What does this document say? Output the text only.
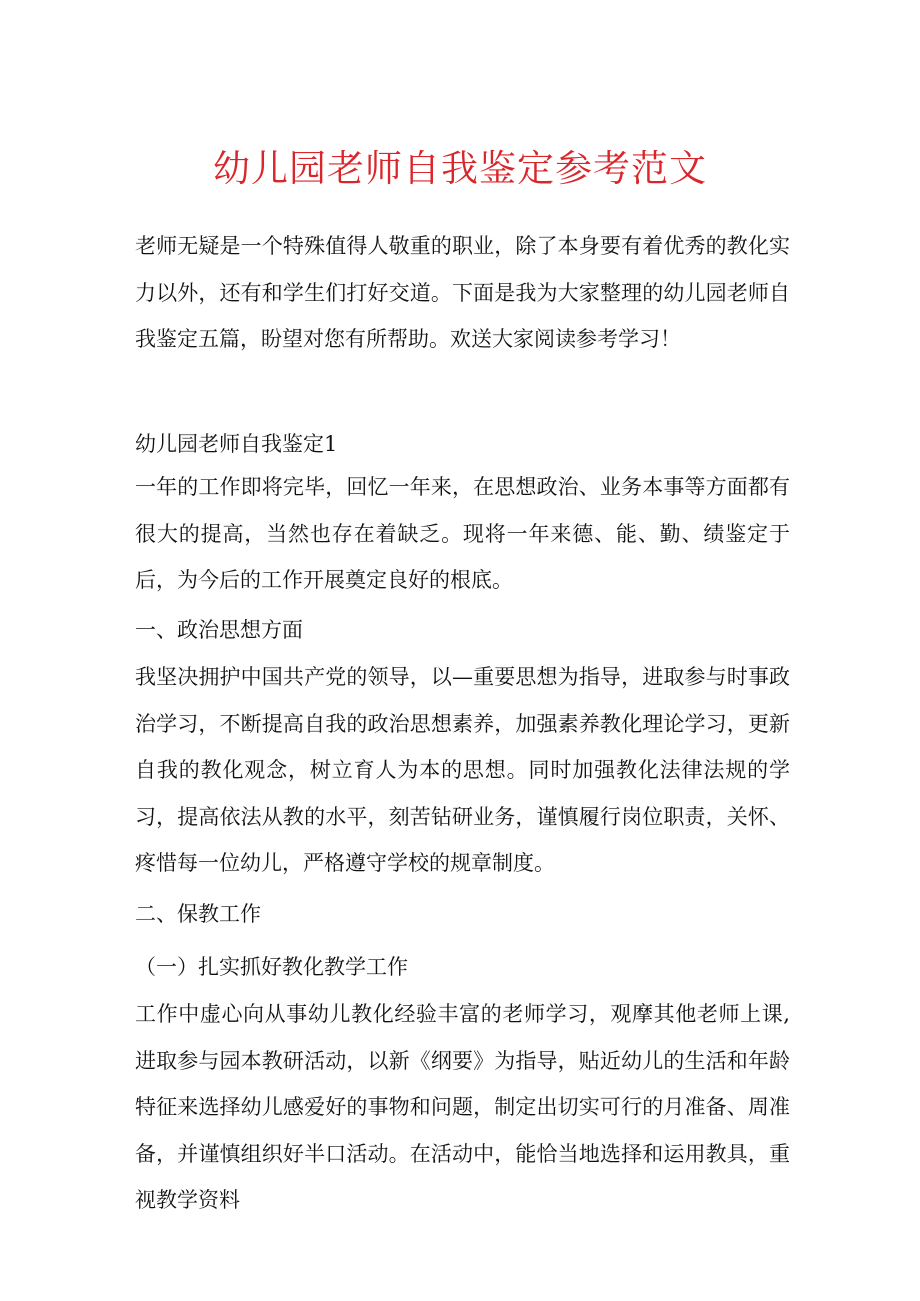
幼儿园老师自我鉴定参考范文

老师无疑是一个特殊值得人敬重的职业，除了本身要有着优秀的教化实力以外，还有和学生们打好交道。下面是我为大家整理的幼儿园老师自我鉴定五篇，盼望对您有所帮助。欢送大家阅读参考学习！

幼儿园老师自我鉴定1

一年的工作即将完毕，回忆一年来，在思想政治、业务本事等方面都有很大的提高，当然也存在着缺乏。现将一年来德、能、勤、绩鉴定于后，为今后的工作开展奠定良好的根底。

一、政治思想方面

我坚决拥护中国共产党的领导，以—重要思想为指导，进取参与时事政治学习，不断提高自我的政治思想素养，加强素养教化理论学习，更新自我的教化观念，树立育人为本的思想。同时加强教化法律法规的学习，提高依法从教的水平，刻苦钻研业务，谨慎履行岗位职责，关怀、疼惜每一位幼儿，严格遵守学校的规章制度。

二、保教工作

（一）扎实抓好教化教学工作

工作中虚心向从事幼儿教化经验丰富的老师学习，观摩其他老师上课,进取参与园本教研活动，以新《纲要》为指导，贴近幼儿的生活和年龄特征来选择幼儿感爱好的事物和问题，制定出切实可行的月准备、周准备，并谨慎组织好半口活动。在活动中，能恰当地选择和运用教具，重视教学资料
